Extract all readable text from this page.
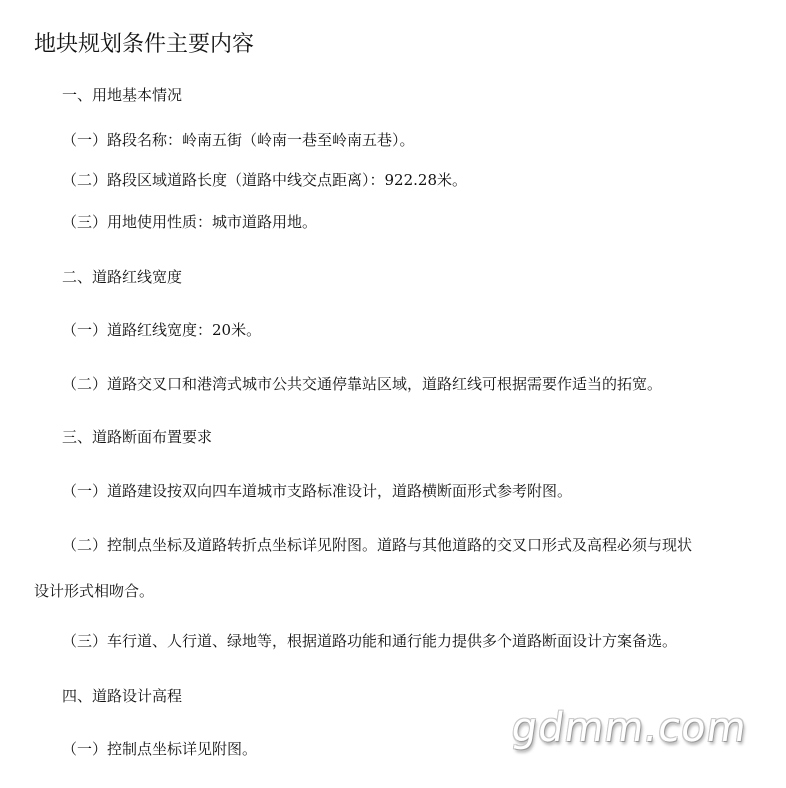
地块规划条件主要内容
一、用地基本情况
（一）路段名称：岭南五街（岭南一巷至岭南五巷）。
（二）路段区域道路长度（道路中线交点距离）：922.28米。
（三）用地使用性质：城市道路用地。
二、道路红线宽度
（一）道路红线宽度：20米。
（二）道路交叉口和港湾式城市公共交通停靠站区域，道路红线可根据需要作适当的拓宽。
三、道路断面布置要求
（一）道路建设按双向四车道城市支路标准设计，道路横断面形式参考附图。
（二）控制点坐标及道路转折点坐标详见附图。道路与其他道路的交叉口形式及高程必须与现状
设计形式相吻合。
（三）车行道、人行道、绿地等，根据道路功能和通行能力提供多个道路断面设计方案备选。
四、道路设计高程
（一）控制点坐标详见附图。	gdmm.com
